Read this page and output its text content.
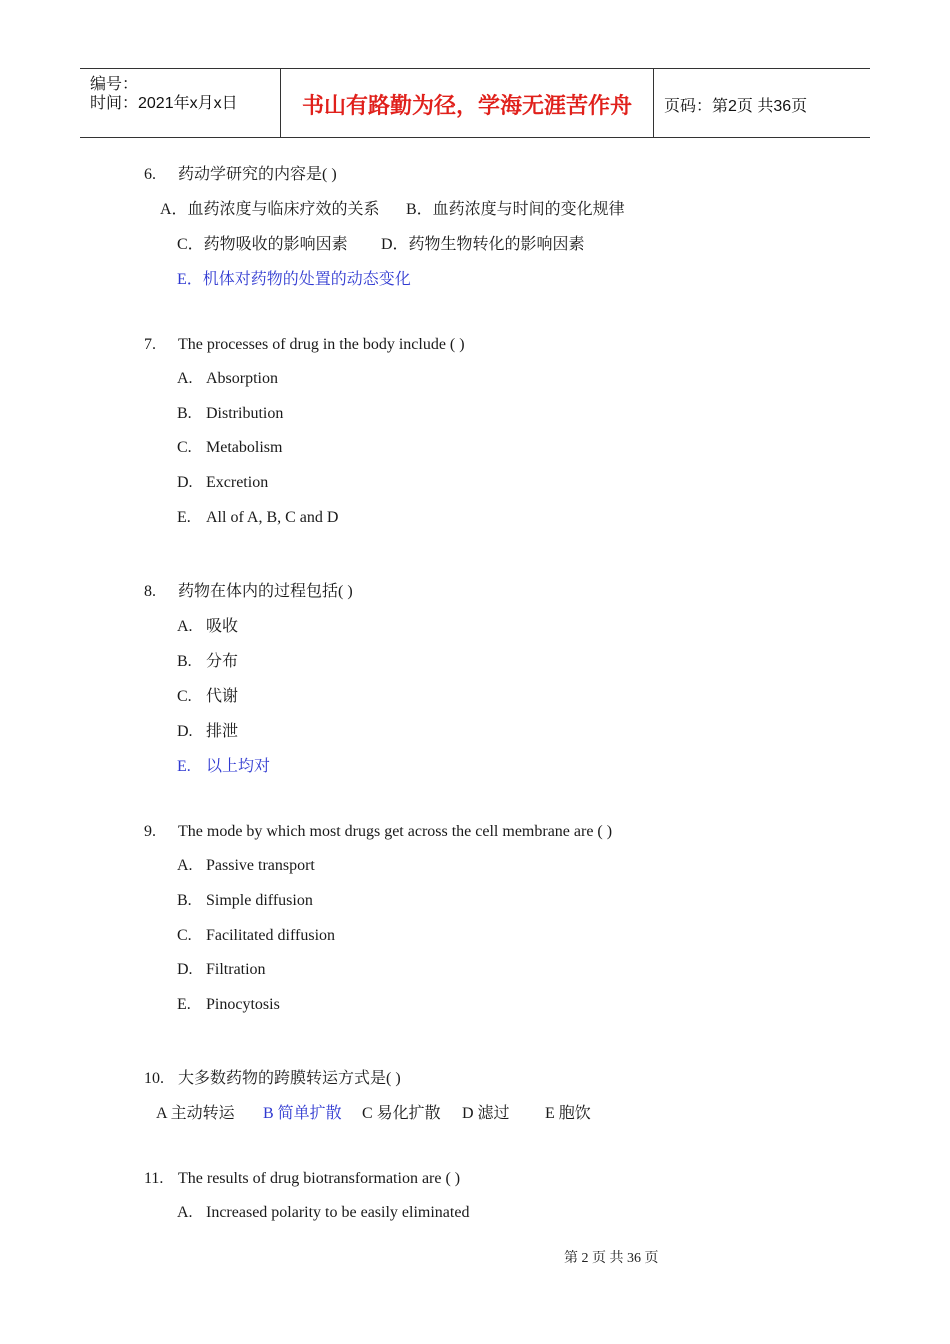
编号：
时间：2021年x月x日	书山有路勤为径，学海无涯苦作舟	页码：第2页 共36页
6. 药动学研究的内容是( )
A．血药浓度与临床疗效的关系 B．血药浓度与时间的变化规律
C．药物吸收的影响因素 D．药物生物转化的影响因素
E．机体对药物的处置的动态变化
7. The processes of drug in the body include ( )
A. Absorption
B. Distribution
C. Metabolism
D. Excretion
E. All of A, B, C and D
8. 药物在体内的过程包括( )
A. 吸收
B. 分布
C. 代谢
D. 排泄
E. 以上均对
9. The mode by which most drugs get across the cell membrane are ( )
A. Passive transport
B. Simple diffusion
C. Facilitated diffusion
D. Filtration
E. Pinocytosis
10. 大多数药物的跨膜转运方式是( )
A 主动转运 B 简单扩散 C 易化扩散 D 滤过 E 胞饮
11. The results of drug biotransformation are ( )
A. Increased polarity to be easily eliminated
第 2 页 共 36 页
